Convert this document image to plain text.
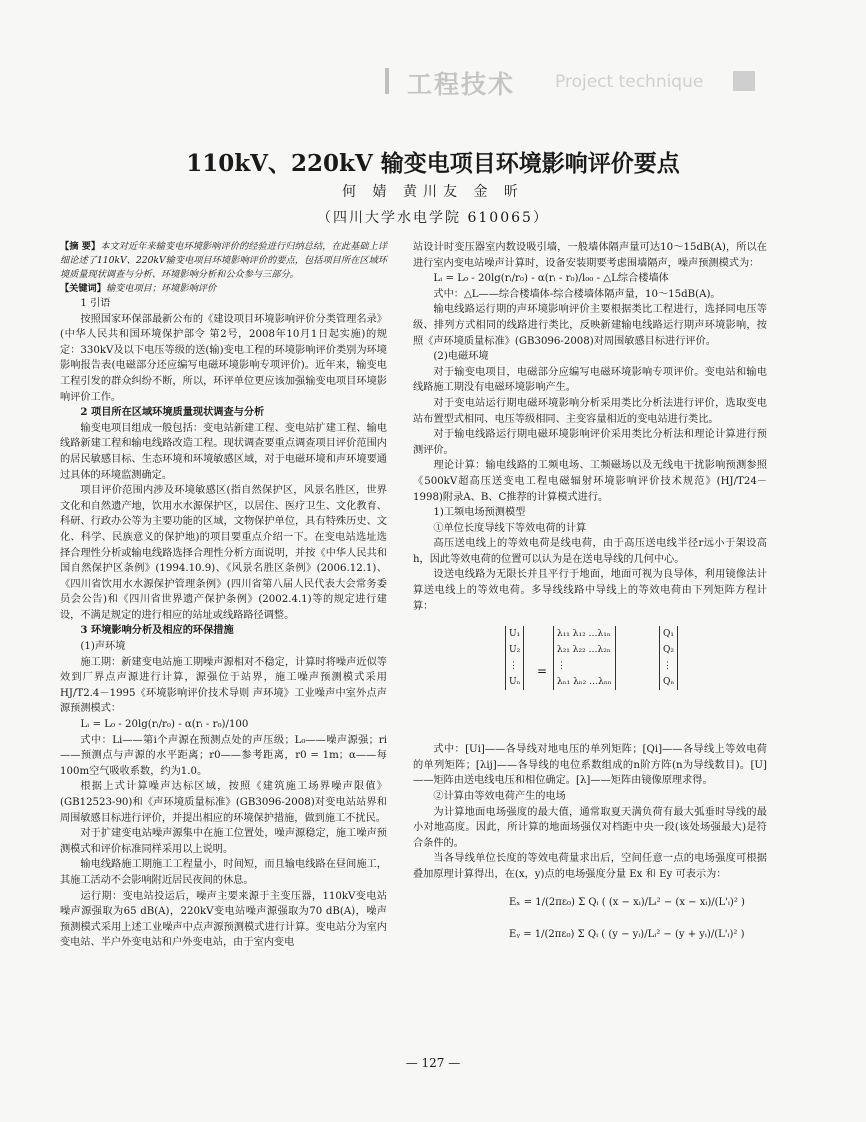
工程技术 Project technique
110kV、220kV 输变电项目环境影响评价要点
何 婧 黄川友 金 昕
（四川大学水电学院 610065）

【摘 要】本文对近年来输变电环境影响评价的经验进行归纳总结，在此基础上详细论述了110kV、220kV输变电项目环境影响评价的要点，包括项目所在区域环境质量现状调查与分析、环境影响分析和公众参与三部分。

【关键词】输变电项目；环境影响评价

1 引语

按照国家环保部最新公布的《建设项目环境影响评价分类管理名录》(中华人民共和国环境保护部令 第2号，2008年10月1日起实施)的规定：330kV及以下电压等级的送(输)变电工程的环境影响评价类别为环境影响报告表(电磁部分还应编写电磁环境影响专项评价)。近年来，输变电工程引发的群众纠纷不断，所以，环评单位更应该加强输变电项目环境影响评价工作。

2 项目所在区域环境质量现状调查与分析

输变电项目组成一般包括：变电站新建工程、变电站扩建工程、输电线路新建工程和输电线路改造工程。现状调查要重点调查项目评价范围内的居民敏感目标、生态环境和环境敏感区域，对于电磁环境和声环境要通过具体的环境监测确定。

项目评价范围内涉及环境敏感区(指自然保护区，风景名胜区，世界文化和自然遗产地，饮用水水源保护区，以居住、医疗卫生、文化教育、科研、行政办公等为主要功能的区域，文物保护单位，具有特殊历史、文化、科学、民族意义的保护地)的项目要重点介绍一下。在变电站选址选择合理性分析或输电线路选择合理性分析方面说明，并按《中华人民共和国自然保护区条例》(1994.10.9)、《风景名胜区条例》(2006.12.1)、《四川省饮用水水源保护管理条例》(四川省第八届人民代表大会常务委员会公告)和《四川省世界遗产保护条例》(2002.4.1)等的规定进行建设，不满足规定的进行相应的站址或线路路径调整。

3 环境影响分析及相应的环保措施

(1)声环境

施工期：新建变电站施工期噪声源相对不稳定，计算时将噪声近似等效到厂界点声源进行计算，源强位于站界，施工噪声预测模式采用 HJ/T2.4－1995《环境影响评价技术导则 声环境》工业噪声中室外点声源预测模式：

Lᵢ = L₀ - 20lg(rᵢ/r₀) - α(rᵢ - r₀)/100

式中：Li——第i个声源在预测点处的声压级；L₀——噪声源强；ri——预测点与声源的水平距离；r0——参考距离，r0 = 1m；α——每100m空气吸收系数，约为1.0。

根据上式计算噪声达标区域，按照《建筑施工场界噪声限值》(GB12523-90)和《声环境质量标准》(GB3096-2008)对变电站站界和周围敏感目标进行评价，并提出相应的环境保护措施，做到施工不扰民。

对于扩建变电站噪声源集中在施工位置处，噪声源稳定，施工噪声预测模式和评价标准同样采用以上说明。

输电线路施工期施工工程量小，时间短，而且输电线路在昼间施工，其施工活动不会影响附近居民夜间的休息。

运行期：变电站投运后，噪声主要来源于主变压器，110kV变电站噪声源强取为65 dB(A)，220kV变电站噪声源强取为70 dB(A)，噪声预测模式采用上述工业噪声中点声源预测模式进行计算。变电站分为室内变电站、半户外变电站和户外变电站，由于室内变电

站设计时变压器室内数设吸引墙，一般墙体隔声量可达10～15dB(A)，所以在进行室内变电站噪声计算时，设备安装期要考虑围墙隔声，噪声预测模式为：

Lᵢ = L₀ - 20lg(rᵢ/r₀) - α(rᵢ - r₀)/l₀₀ - △L综合楼墙体

式中：△L——综合楼墙体-综合楼墙体隔声量，10～15dB(A)。

输电线路运行期的声环境影响评价主要根据类比工程进行，选择同电压等级、排列方式相同的线路进行类比，反映新建输电线路运行期声环境影响，按照《声环境质量标准》(GB3096-2008)对周围敏感目标进行评价。

(2)电磁环境

对于输变电项目，电磁部分应编写电磁环境影响专项评价。变电站和输电线路施工期没有电磁环境影响产生。

对于变电站运行期电磁环境影响分析采用类比分析法进行评价，选取变电站布置型式相同、电压等级相同、主变容量相近的变电站进行类比。

对于输电线路运行期电磁环境影响评价采用类比分析法和理论计算进行预测评价。

理论计算：输电线路的工频电场、工频磁场以及无线电干扰影响预测参照《500kV超高压送变电工程电磁辐射环境影响评价技术规范》(HJ/T24－1998)附录A、B、C推荐的计算模式进行。

1)工频电场预测模型

①单位长度导线下等效电荷的计算

高压送电线上的等效电荷是线电荷，由于高压送电线半径r远小于架设高h，因此等效电荷的位置可以认为是在送电导线的几何中心。

设送电线路为无限长并且平行于地面，地面可视为良导体，利用镜像法计算送电线上的等效电荷。多导线线路中导线上的等效电荷由下列矩阵方程计算：

U₁
U₂
⋮
Uₙ
=
λ₁₁ λ₁₂ …λ₁ₙ
λ₂₁ λ₂₂ …λ₂ₙ
⋮
λₙ₁ λₙ₂ …λₙₙ
Q₁
Q₂
⋮
Qₙ

式中：[Ui]——各导线对地电压的单列矩阵；[Qi]——各导线上等效电荷的单列矩阵；[λij]——各导线的电位系数组成的n阶方阵(n为导线数目)。[U]——矩阵由送电线电压和相位确定。[λ]——矩阵由镜像原理求得。

②计算由等效电荷产生的电场

为计算地面电场强度的最大值，通常取夏天满负荷有最大弧垂时导线的最小对地高度。因此，所计算的地面场强仅对档距中央一段(该处场强最大)是符合条件的。

当各导线单位长度的等效电荷量求出后，空间任意一点的电场强度可根据叠加原理计算得出，在(x，y)点的电场强度分量 Ex 和 Ey 可表示为：

Eₓ = 1/(2πε₀) Σ Qᵢ ( (x − xᵢ)/Lᵢ² − (x − xᵢ)/(L'ᵢ)² )
Eᵧ = 1/(2πε₀) Σ Qᵢ ( (y − yᵢ)/Lᵢ² − (y + yᵢ)/(L'ᵢ)² )
— 127 —
